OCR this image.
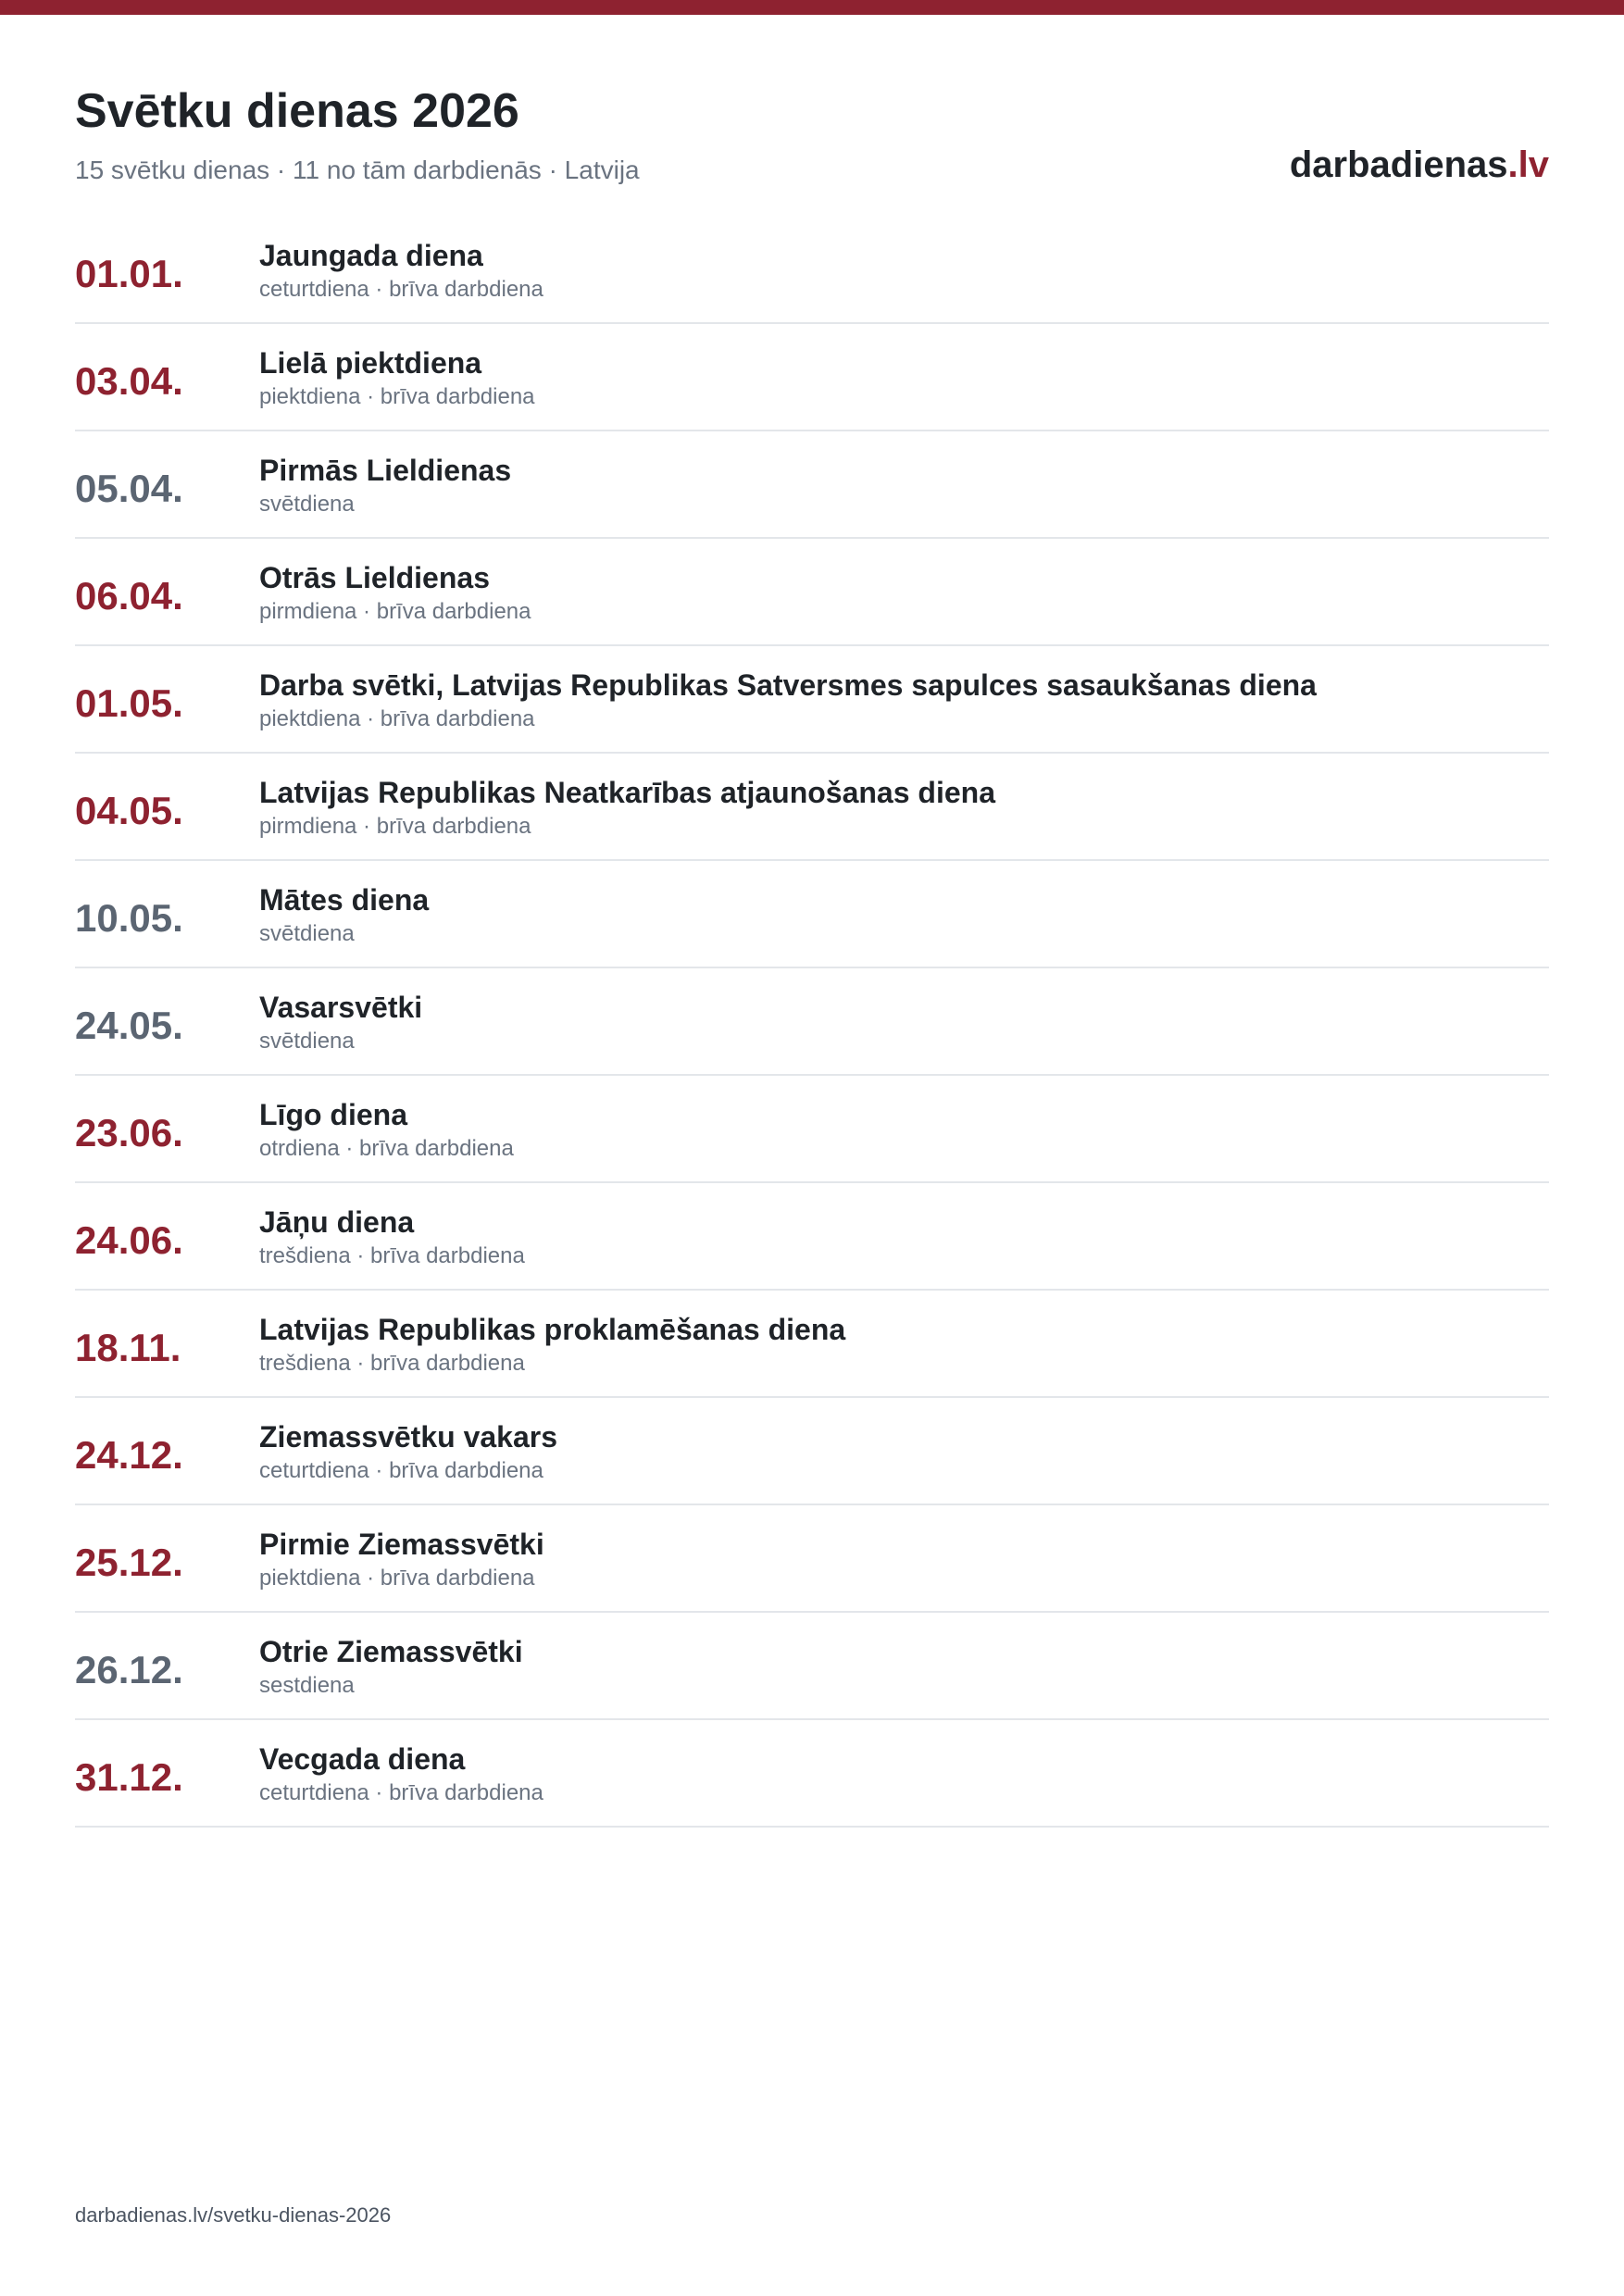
Svētku dienas 2026
15 svētku dienas · 11 no tām darbdienās · Latvija	darbadienas.lv
01.01.	Jaungada diena
ceturtdiena · brīva darbdiena
03.04.	Lielā piektdiena
piektdiena · brīva darbdiena
05.04.	Pirmās Lieldienas
svētdiena
06.04.	Otrās Lieldienas
pirmdiena · brīva darbdiena
01.05.	Darba svētki, Latvijas Republikas Satversmes sapulces sasaukšanas diena
piektdiena · brīva darbdiena
04.05.	Latvijas Republikas Neatkarības atjaunošanas diena
pirmdiena · brīva darbdiena
10.05.	Mātes diena
svētdiena
24.05.	Vasarsvētki
svētdiena
23.06.	Līgo diena
otrdiena · brīva darbdiena
24.06.	Jāņu diena
trešdiena · brīva darbdiena
18.11.	Latvijas Republikas proklamēšanas diena
trešdiena · brīva darbdiena
24.12.	Ziemassvētku vakars
ceturtdiena · brīva darbdiena
25.12.	Pirmie Ziemassvētki
piektdiena · brīva darbdiena
26.12.	Otrie Ziemassvētki
sestdiena
31.12.	Vecgada diena
ceturtdiena · brīva darbdiena
darbadienas.lv/svetku-dienas-2026
